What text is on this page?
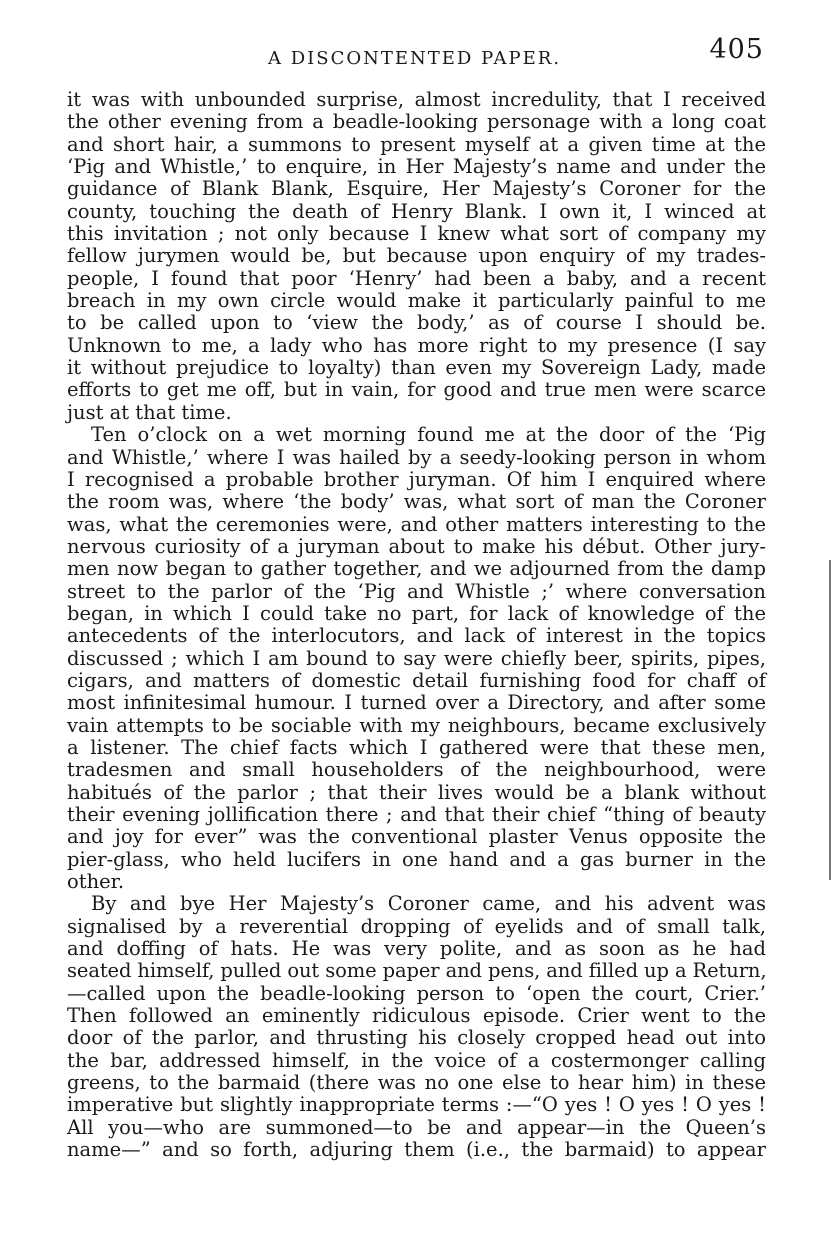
A DISCONTENTED PAPER.	405
it was with unbounded surprise, almost incredulity, that I received
the other evening from a beadle-looking personage with a long coat
and short hair, a summons to present myself at a given time at the
‘Pig and Whistle,’ to enquire, in Her Majesty’s name and under the
guidance of Blank Blank, Esquire, Her Majesty’s Coroner for the
county, touching the death of Henry Blank. I own it, I winced at
this invitation ; not only because I knew what sort of company my
fellow jurymen would be, but because upon enquiry of my trades-
people, I found that poor ‘Henry’ had been a baby, and a recent
breach in my own circle would make it particularly painful to me
to be called upon to ‘view the body,’ as of course I should be.
Unknown to me, a lady who has more right to my presence (I say
it without prejudice to loyalty) than even my Sovereign Lady, made
efforts to get me off, but in vain, for good and true men were scarce
just at that time.
Ten o’clock on a wet morning found me at the door of the ‘Pig
and Whistle,’ where I was hailed by a seedy-looking person in whom
I recognised a probable brother juryman. Of him I enquired where
the room was, where ‘the body’ was, what sort of man the Coroner
was, what the ceremonies were, and other matters interesting to the
nervous curiosity of a juryman about to make his début. Other jury-
men now began to gather together, and we adjourned from the damp
street to the parlor of the ‘Pig and Whistle ;’ where conversation
began, in which I could take no part, for lack of knowledge of the
antecedents of the interlocutors, and lack of interest in the topics
discussed ; which I am bound to say were chiefly beer, spirits, pipes,
cigars, and matters of domestic detail furnishing food for chaff of
most infinitesimal humour. I turned over a Directory, and after some
vain attempts to be sociable with my neighbours, became exclusively
a listener. The chief facts which I gathered were that these men,
tradesmen and small householders of the neighbourhood, were
habitués of the parlor ; that their lives would be a blank without
their evening jollification there ; and that their chief “thing of beauty
and joy for ever” was the conventional plaster Venus opposite the
pier-glass, who held lucifers in one hand and a gas burner in the
other.
By and bye Her Majesty’s Coroner came, and his advent was
signalised by a reverential dropping of eyelids and of small talk,
and doffing of hats. He was very polite, and as soon as he had
seated himself, pulled out some paper and pens, and filled up a Return,
—called upon the beadle-looking person to ‘open the court, Crier.’
Then followed an eminently ridiculous episode. Crier went to the
door of the parlor, and thrusting his closely cropped head out into
the bar, addressed himself, in the voice of a costermonger calling
greens, to the barmaid (there was no one else to hear him) in these
imperative but slightly inappropriate terms :—“O yes ! O yes ! O yes !
All you—who are summoned—to be and appear—in the Queen’s
name—” and so forth, adjuring them (i.e., the barmaid) to appear
